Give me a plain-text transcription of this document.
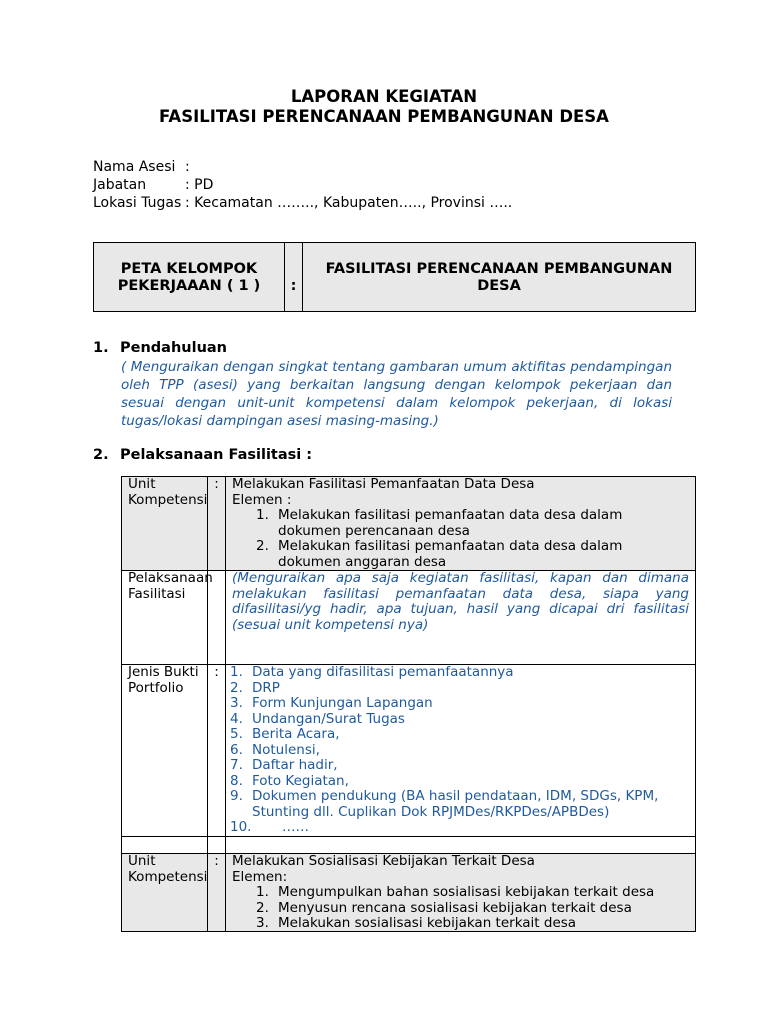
LAPORAN KEGIATAN
FASILITASI PERENCANAAN PEMBANGUNAN DESA
Nama Asesi :
Jabatan	: PD
Lokasi Tugas : Kecamatan …….., Kabupaten….., Provinsi …..
PETA KELOMPOK PEKERJAAAN ( 1 )	:
FASILITASI PERENCANAAN PEMBANGUNAN DESA
1. Pendahuluan
( Menguraikan dengan singkat tentang gambaran umum aktifitas pendampingan oleh TPP (asesi) yang berkaitan langsung dengan kelompok pekerjaan dan sesuai dengan unit-unit kompetensi dalam kelompok pekerjaan, di lokasi tugas/lokasi dampingan asesi masing-masing.)
2. Pelaksanaan Fasilitasi :
Unit Kompetensi
: Melakukan Fasilitasi Pemanfaatan Data Desa
Elemen :
1. Melakukan fasilitasi pemanfaatan data desa dalam dokumen perencanaan desa
2. Melakukan fasilitasi pemanfaatan data desa dalam dokumen anggaran desa
Pelaksanaan Fasilitasi
(Menguraikan apa saja kegiatan fasilitasi, kapan dan dimana melakukan fasilitasi pemanfaatan data desa, siapa yang difasilitasi/yg hadir, apa tujuan, hasil yang dicapai dri fasilitasi (sesuai unit kompetensi nya)
Jenis Bukti Portfolio
: 1. Data yang difasilitasi pemanfaatannya
2. DRP
3. Form Kunjungan Lapangan
4. Undangan/Surat Tugas
5. Berita Acara,
6. Notulensi,
7. Daftar hadir,
8. Foto Kegiatan,
9. Dokumen pendukung (BA hasil pendataan, IDM, SDGs, KPM, Stunting dll. Cuplikan Dok RPJMDes/RKPDes/APBDes)
10. ……
Unit Kompetensi
: Melakukan Sosialisasi Kebijakan Terkait Desa
Elemen:
1. Mengumpulkan bahan sosialisasi kebijakan terkait desa
2. Menyusun rencana sosialisasi kebijakan terkait desa
3. Melakukan sosialisasi kebijakan terkait desa
